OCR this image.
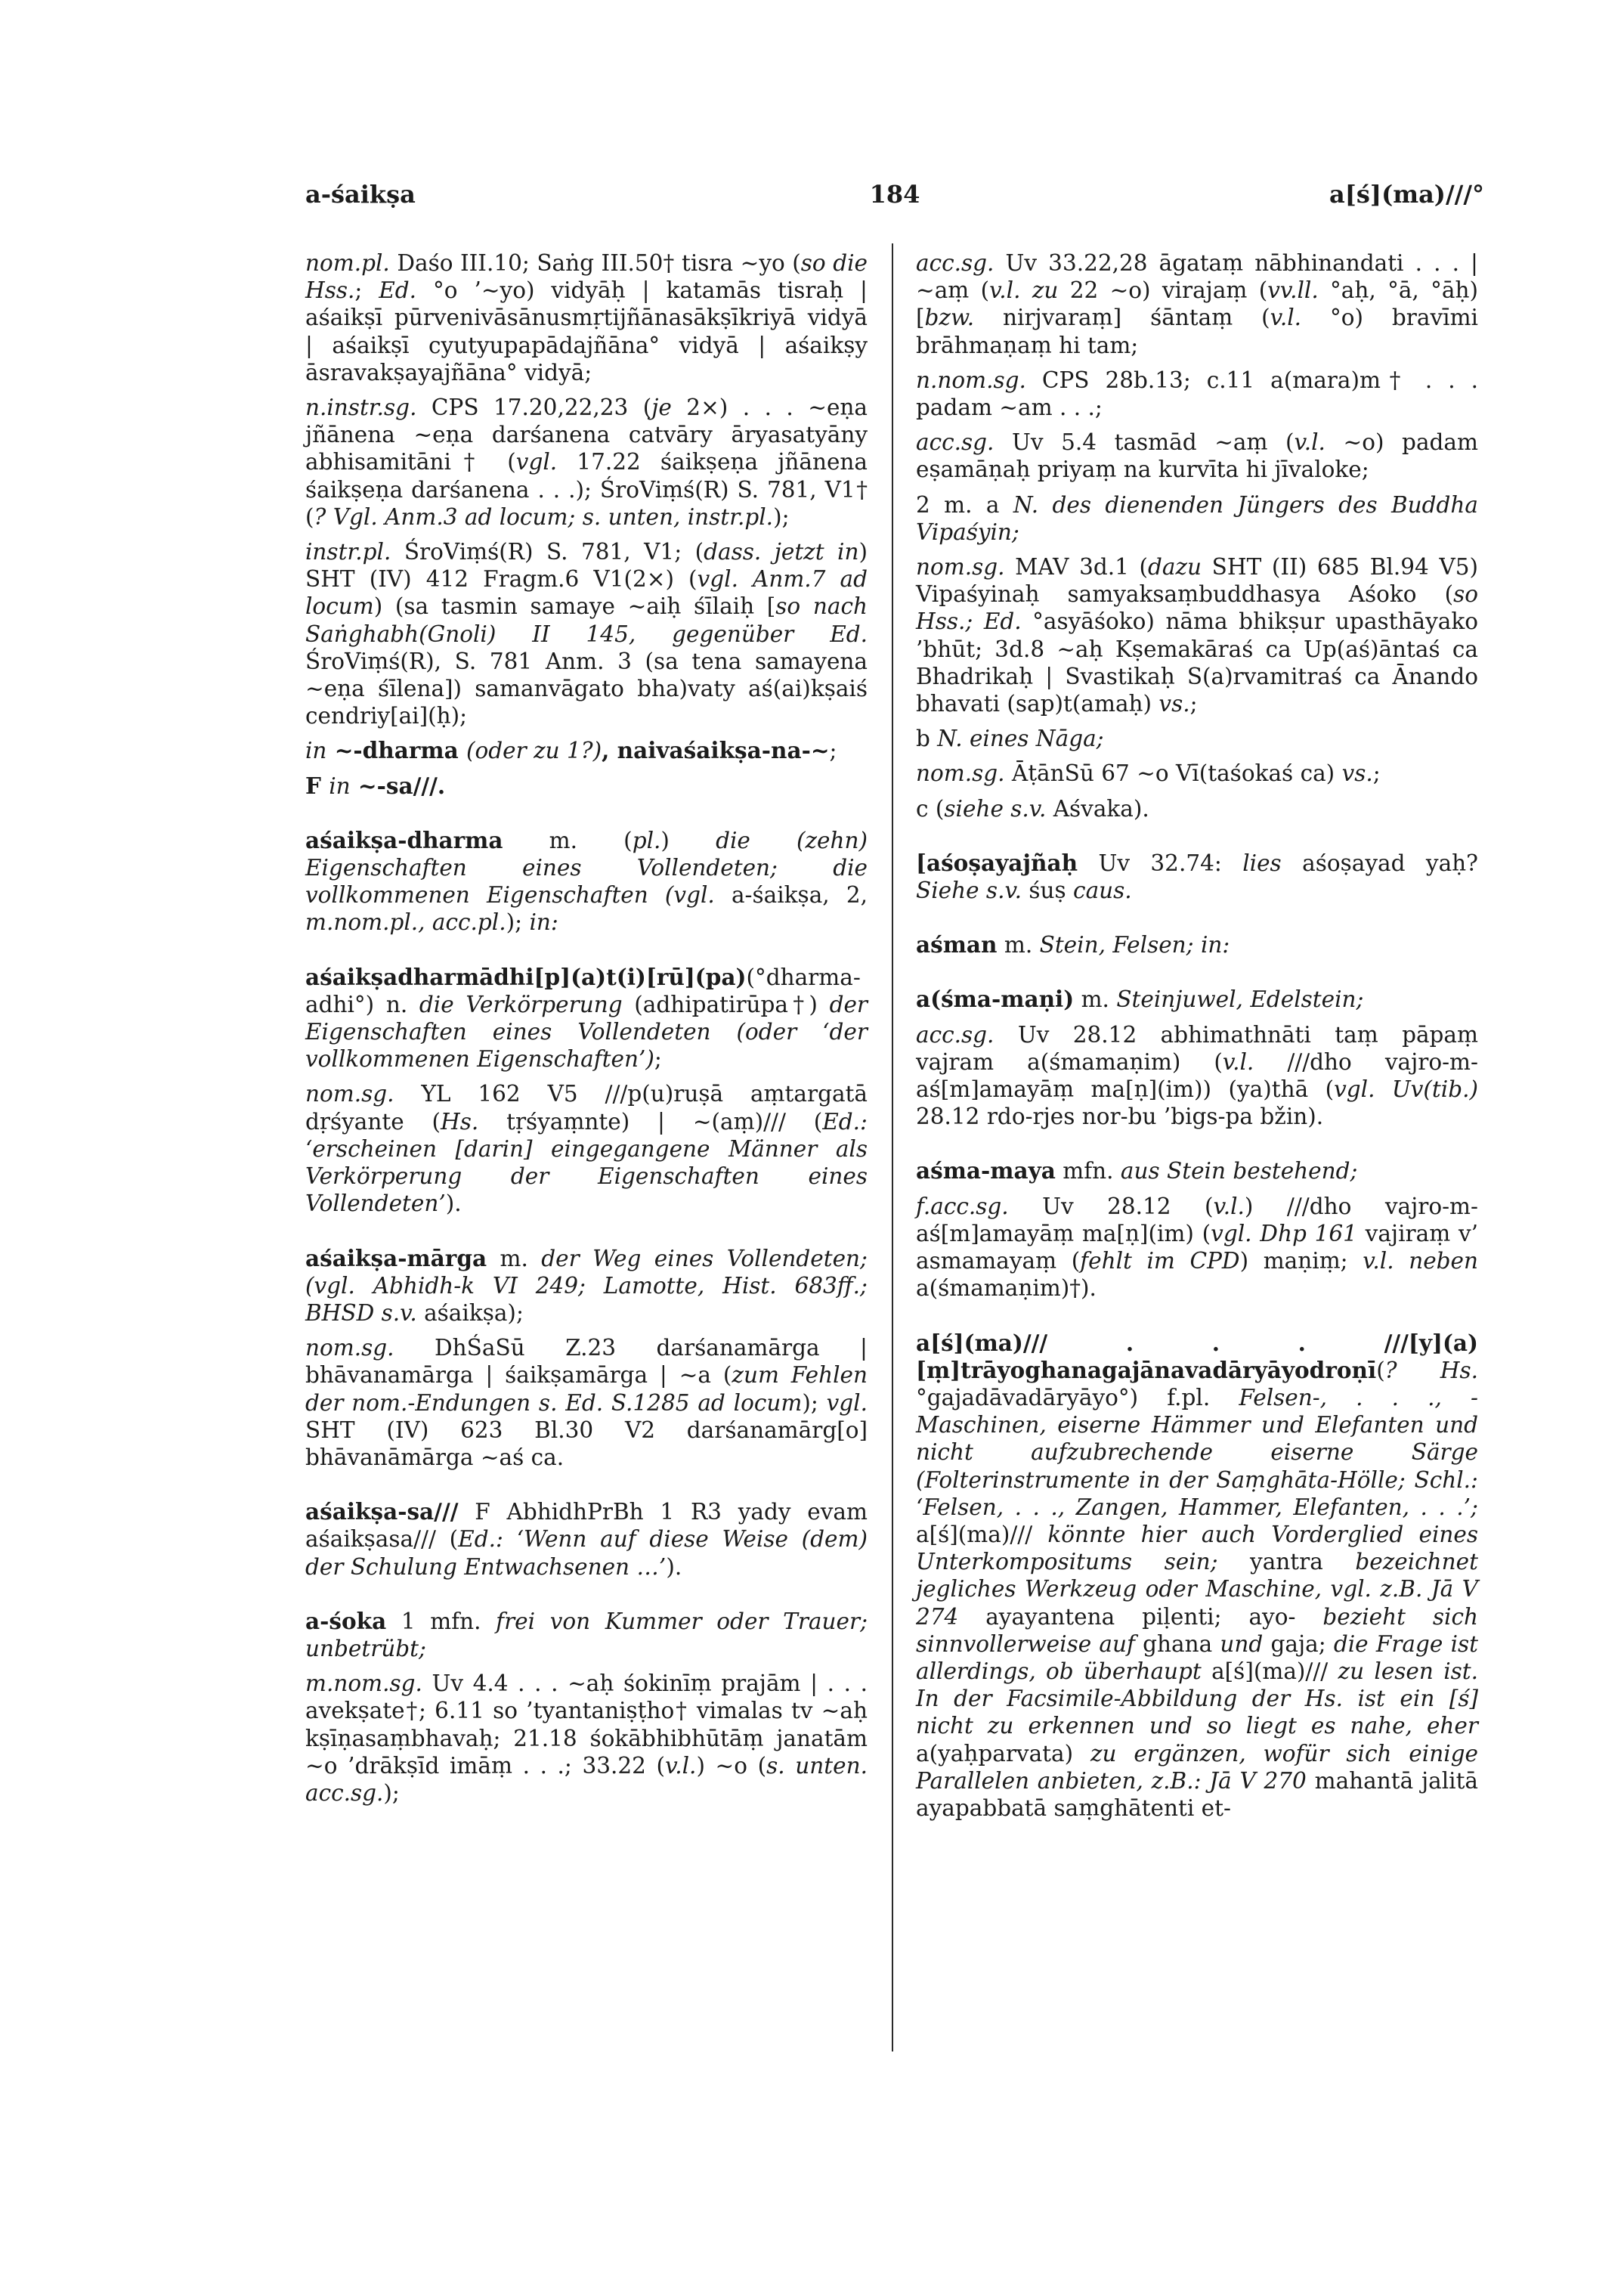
a-śaikṣa	184	a[ś](ma)///°
nom.pl. Daśo III.10; Saṅg III.50† tisra ~yo (so die Hss.; Ed. °o ’~yo) vidyāḥ | katamās tisraḥ | aśaikṣī pūrvenivāsānusmṛtijñānasākṣīkriyā vidyā | aśaikṣī cyutyupapādajñāna° vidyā | aśaikṣy āsravakṣayajñāna° vidyā;
n.instr.sg. CPS 17.20,22,23 (je 2×) . . . ~eṇa jñānena ~eṇa darśanena catvāry āryasatyāny abhisamitāni† (vgl. 17.22 śaikṣeṇa jñānena śaikṣeṇa darśanena . . .); ŚroViṃś(R) S. 781, V1† (? Vgl. Anm.3 ad locum; s. unten, instr.pl.);
instr.pl. ŚroViṃś(R) S. 781, V1; (dass. jetzt in) SHT (IV) 412 Fragm.6 V1(2×) (vgl. Anm.7 ad locum) (sa tasmin samaye ~aiḥ śīlaiḥ [so nach Saṅghabh(Gnoli) II 145, gegenüber Ed. ŚroViṃś(R), S. 781 Anm. 3 (sa tena samayena ~eṇa śīlena]) samanvāgato bha)vaty aś(ai)kṣaiś cendriy[ai](ḥ);
in ~-dharma (oder zu 1?), naivaśaikṣa-na-~;
F in ~-sa///.
aśaikṣa-dharma m. (pl.) die (zehn) Eigenschaften eines Vollendeten; die vollkommenen Eigenschaften (vgl. a-śaikṣa, 2, m.nom.pl., acc.pl.); in:
aśaikṣadharmādhi[p](a)t(i)[rū](pa)(°dharma-adhi°) n. die Verkörperung (adhipatirūpa†) der Eigenschaften eines Vollendeten (oder ‘der vollkommenen Eigenschaften’);
nom.sg. YL 162 V5 ///p(u)ruṣā aṃtargatā dṛśyante (Hs. tṛśyaṃnte) | ~(aṃ)/// (Ed.: ‘erscheinen [darin] eingegangene Männer als Verkörperung der Eigenschaften eines Vollendeten’).
aśaikṣa-mārga m. der Weg eines Vollendeten; (vgl. Abhidh-k VI 249; Lamotte, Hist. 683ff.; BHSD s.v. aśaikṣa);
nom.sg. DhŚaSū Z.23 darśanamārga | bhāvanamārga | śaikṣamārga | ~a (zum Fehlen der nom.-Endungen s. Ed. S.1285 ad locum); vgl. SHT (IV) 623 Bl.30 V2 darśanamārg[o] bhāvanāmārga ~aś ca.
aśaikṣa-sa/// F AbhidhPrBh 1 R3 yady evam aśaikṣasa/// (Ed.: ‘Wenn auf diese Weise (dem) der Schulung Entwachsenen …’).
a-śoka 1 mfn. frei von Kummer oder Trauer; unbetrübt;
m.nom.sg. Uv 4.4 . . . ~aḥ śokinīṃ prajām | . . . avekṣate†; 6.11 so ’tyantaniṣṭho† vimalas tv ~aḥ kṣīṇasaṃbhavaḥ; 21.18 śokābhibhūtāṃ janatām ~o ’drākṣīd imāṃ . . .; 33.22 (v.l.) ~o (s. unten. acc.sg.);
acc.sg. Uv 33.22,28 āgataṃ nābhinandati . . . | ~aṃ (v.l. zu 22 ~o) virajaṃ (vv.ll. °aḥ, °ā, °āḥ) [bzw. nirjvaraṃ] śāntaṃ (v.l. °o) bravīmi brāhmaṇaṃ hi tam;
n.nom.sg. CPS 28b.13; c.11 a(mara)m† . . . padam ~am . . .;
acc.sg. Uv 5.4 tasmād ~aṃ (v.l. ~o) padam eṣamāṇaḥ priyaṃ na kurvīta hi jīvaloke;
2 m. a N. des dienenden Jüngers des Buddha Vipaśyin;
nom.sg. MAV 3d.1 (dazu SHT (II) 685 Bl.94 V5) Vipaśyinaḥ samyaksaṃbuddhasya Aśoko (so Hss.; Ed. °asyāśoko) nāma bhikṣur upasthāyako ’bhūt; 3d.8 ~aḥ Kṣemakāraś ca Up(aś)āntaś ca Bhadrikaḥ | Svastikaḥ S(a)rvamitraś ca Ānando bhavati (sap)t(amaḥ) vs.;
b N. eines Nāga;
nom.sg. ĀṭānSū 67 ~o Vī(taśokaś ca) vs.;
c (siehe s.v. Aśvaka).
[aśoṣayajñaḥ Uv 32.74: lies aśoṣayad yaḥ? Siehe s.v. śuṣ caus.
aśman m. Stein, Felsen; in:
a(śma-maṇi) m. Steinjuwel, Edelstein;
acc.sg. Uv 28.12 abhimathnāti taṃ pāpaṃ vajram a(śmamaṇim) (v.l. ///dho vajro-m-aś[m]amayāṃ ma[ṇ](im)) (ya)thā (vgl. Uv(tib.) 28.12 rdo-rjes nor-bu ’bigs-pa bžin).
aśma-maya mfn. aus Stein bestehend;
f.acc.sg. Uv 28.12 (v.l.) ///dho vajro-m-aś[m]amayāṃ ma[ṇ](im) (vgl. Dhp 161 vajiraṃ v’ asmamayaṃ (fehlt im CPD) maṇiṃ; v.l. neben a(śmamaṇim)†).
a[ś](ma)/// . . . ///[y](a)[ṃ]trāyoghanagajānavadāryāyodroṇī(? Hs. °gajadāvadāryāyo°) f.pl. Felsen-, . . ., -Maschinen, eiserne Hämmer und Elefanten und nicht aufzubrechende eiserne Särge (Folterinstrumente in der Saṃghāta-Hölle; Schl.: ‘Felsen, . . ., Zangen, Hammer, Elefanten, . . .’; a[ś](ma)/// könnte hier auch Vorderglied eines Unterkompositums sein; yantra bezeichnet jegliches Werkzeug oder Maschine, vgl. z.B. Jā V 274 ayayantena piḷenti; ayo- bezieht sich sinnvollerweise auf ghana und gaja; die Frage ist allerdings, ob überhaupt a[ś](ma)/// zu lesen ist. In der Facsimile-Abbildung der Hs. ist ein [ś] nicht zu erkennen und so liegt es nahe, eher a(yaḥparvata) zu ergänzen, wofür sich einige Parallelen anbieten, z.B.: Jā V 270 mahantā jalitā ayapabbatā saṃghātenti et-
